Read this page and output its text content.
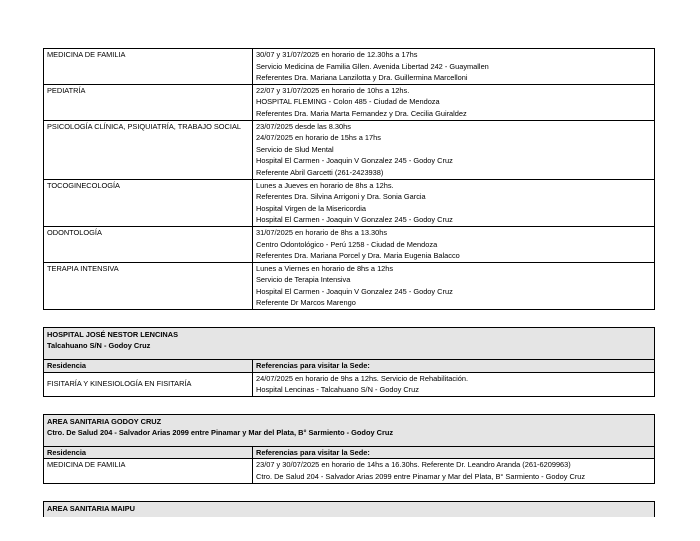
MEDICINA DE FAMILIA	30/07 y 31/07/2025 en horario de 12.30hs a 17hs
Servicio Medicina de Familia Gllen. Avenida Libertad 242 - Guaymallen
Referentes Dra. Mariana Lanzilotta y Dra. Guillermina Marcelloni

PEDIATRÍA	22/07 y 31/07/2025 en horario de 10hs a 12hs.
HOSPITAL FLEMING - Colon 485 - Ciudad de Mendoza
Referentes Dra. Maria Marta Fernandez y Dra. Cecilia Guiraldez

PSICOLOGÍA CLÍNICA, PSIQUIATRÍA, TRABAJO SOCIAL	23/07/2025 desde las 8.30hs
24/07/2025 en horario de 15hs a 17hs
Servicio de Slud Mental
Hospital El Carmen - Joaquin V Gonzalez 245 - Godoy Cruz
Referente Abril Garcetti (261-2423938)

TOCOGINECOLOGÍA	Lunes a Jueves en horario de 8hs a 12hs.
Referentes Dra. Silvina Arrigoni y Dra. Sonia Garcia
Hospital Virgen de la Misericordia
Hospital El Carmen - Joaquin V Gonzalez 245 - Godoy Cruz

ODONTOLOGÍA	31/07/2025 en horario de 8hs a 13.30hs
Centro Odontológico - Perú 1258 - Ciudad de Mendoza
Referentes Dra. Mariana Porcel y Dra. Maria Eugenia Balacco

TERAPIA INTENSIVA	Lunes a Viernes en horario de 8hs a 12hs
Servicio de Terapia Intensiva
Hospital El Carmen - Joaquin V Gonzalez 245 - Godoy Cruz
Referente Dr Marcos Marengo
HOSPITAL JOSÉ NESTOR LENCINAS
Talcahuano S/N - Godoy Cruz
Residencia	Referencias para visitar la Sede:
FISITARÍA Y KINESIOLOGÍA EN FISITARÍA	24/07/2025 en horario de 9hs a 12hs. Servicio de Rehabilitación.
Hospital Lencinas - Talcahuano S/N - Godoy Cruz
AREA SANITARIA GODOY CRUZ
Ctro. De Salud 204 - Salvador Arias 2099 entre Pinamar y Mar del Plata, B° Sarmiento - Godoy Cruz
Residencia	Referencias para visitar la Sede:
MEDICINA DE FAMILIA	23/07 y 30/07/2025 en horario de 14hs a 16.30hs. Referente Dr. Leandro Aranda (261-6209963)
Ctro. De Salud 204 - Salvador Arias 2099 entre Pinamar y Mar del Plata, B° Sarmiento - Godoy Cruz
AREA SANITARIA MAIPU
